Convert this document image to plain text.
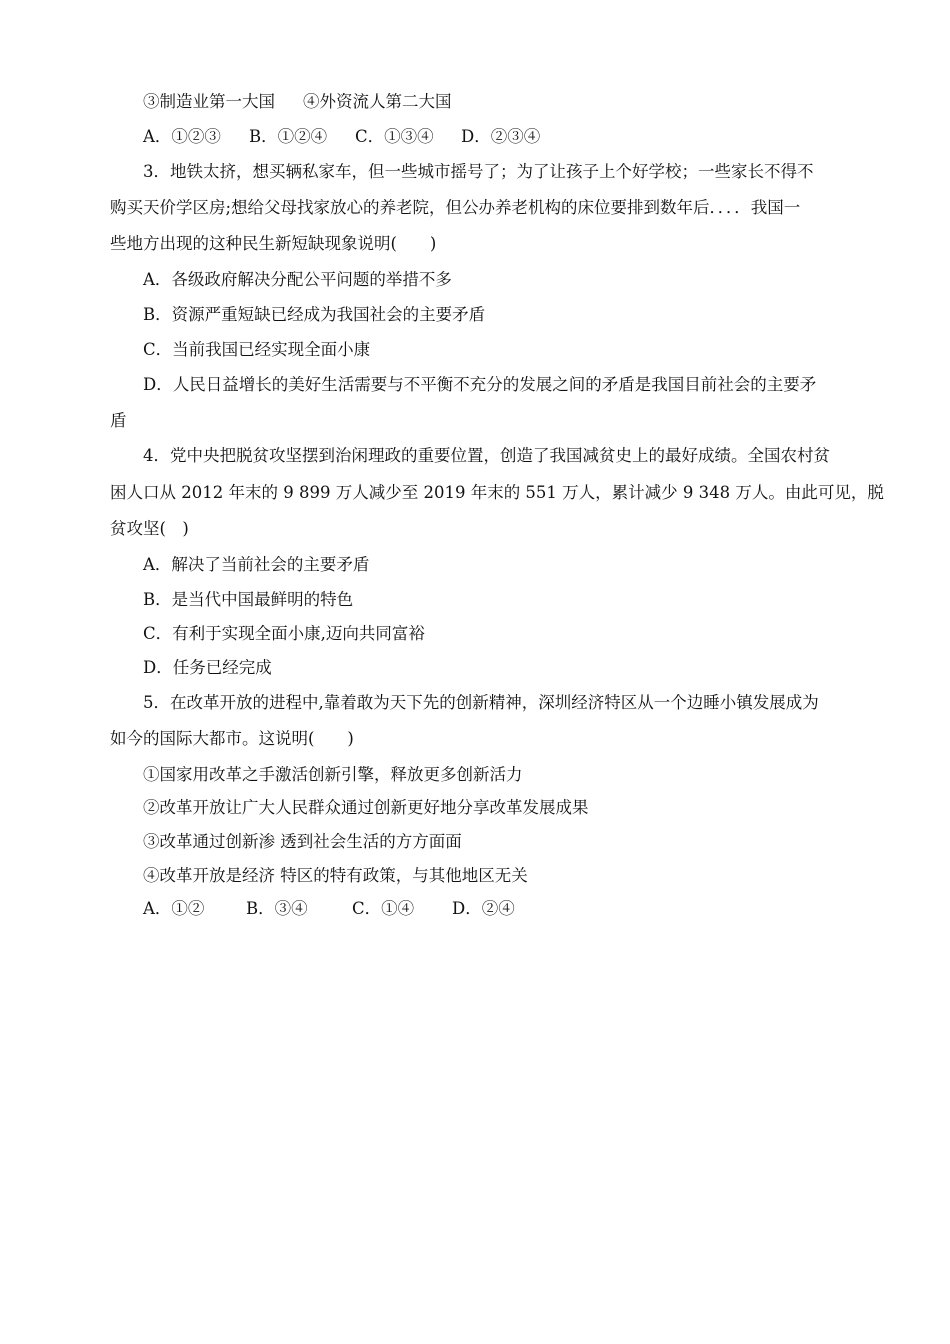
③制造业第一大国 ④外资流人第二大国
A．①②③ B．①②④ C．①③④ D．②③④
3．地铁太挤，想买辆私家车，但一些城市摇号了；为了让孩子上个好学校；一些家长不得不
购买天价学区房;想给父母找家放心的养老院，但公办养老机构的床位要排到数年后．．．．我国一
些地方出现的这种民生新短缺现象说明(　　)
A．各级政府解决分配公平问题的举措不多
B．资源严重短缺已经成为我国社会的主要矛盾
C．当前我国已经实现全面小康
D．人民日益增长的美好生活需要与不平衡不充分的发展之间的矛盾是我国目前社会的主要矛
盾
4．党中央把脱贫攻坚摆到治闲理政的重要位置，创造了我国减贫史上的最好成绩。全国农村贫
困人口从 2012 年末的 9 899 万人减少至 2019 年末的 551 万人，累计减少 9 348 万人。由此可见，脱
贫攻坚(　)
A．解决了当前社会的主要矛盾
B．是当代中国最鲜明的特色
C．有利于实现全面小康,迈向共同富裕
D．任务已经完成
5．在改革开放的进程中,靠着敢为天下先的创新精神，深圳经济特区从一个边睡小镇发展成为
如今的国际大都市。这说明(　　)
①国家用改革之手激活创新引擎，释放更多创新活力
②改革开放让广大人民群众通过创新更好地分享改革发展成果
③改革通过创新渗 透到社会生活的方方面面
④改革开放是经济 特区的特有政策，与其他地区无关
A．①②	B．③④	C．①④ D．②④
